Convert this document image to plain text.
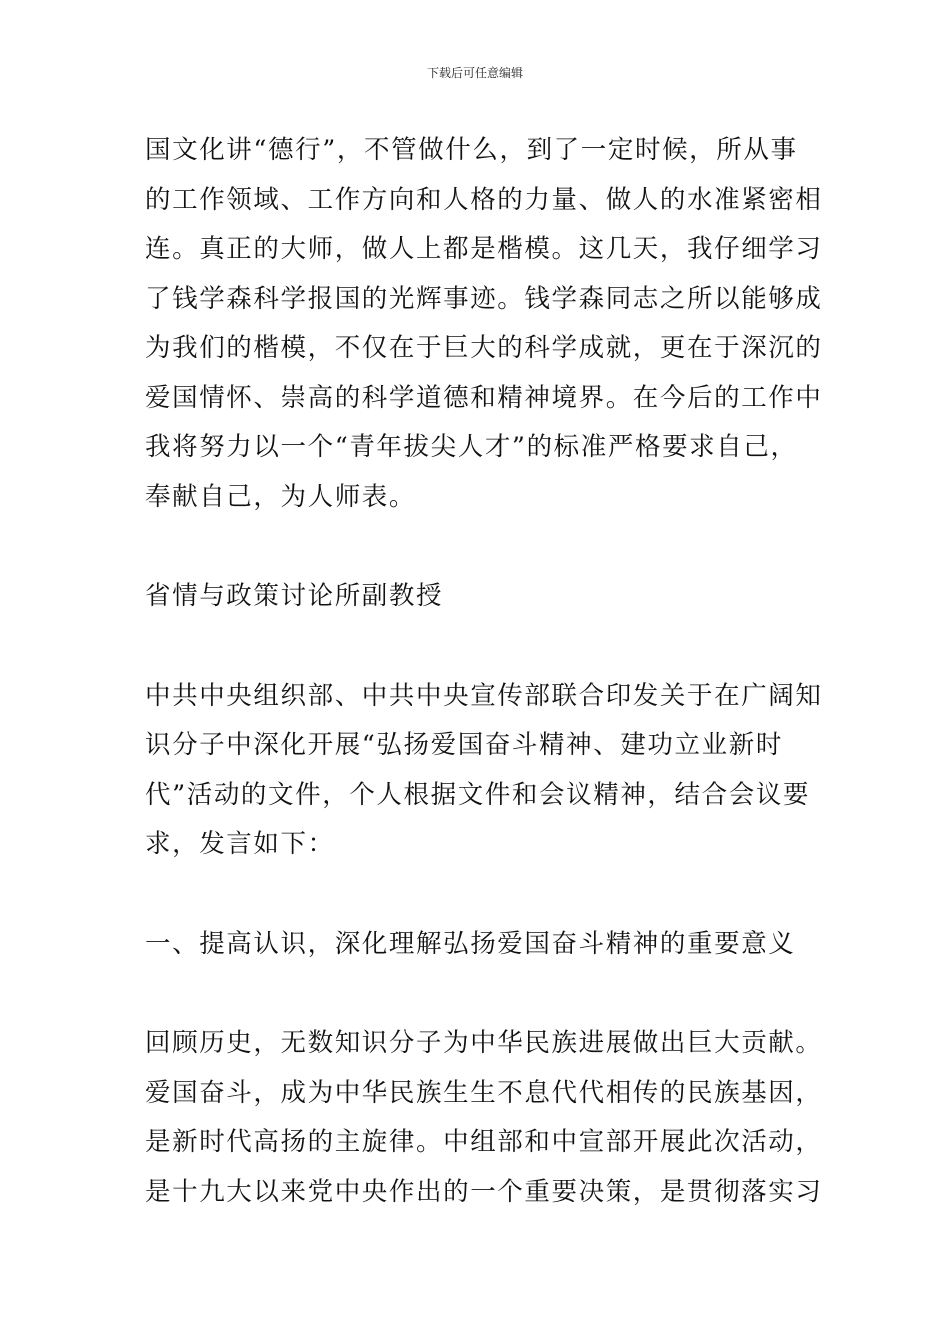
下载后可任意编辑
国文化讲“德行”，不管做什么，到了一定时候，所从事
的工作领域、工作方向和人格的力量、做人的水准紧密相
连。真正的大师，做人上都是楷模。这几天，我仔细学习
了钱学森科学报国的光辉事迹。钱学森同志之所以能够成
为我们的楷模，不仅在于巨大的科学成就，更在于深沉的
爱国情怀、崇高的科学道德和精神境界。在今后的工作中
我将努力以一个“青年拔尖人才”的标准严格要求自己，
奉献自己，为人师表。
省情与政策讨论所副教授
中共中央组织部、中共中央宣传部联合印发关于在广阔知
识分子中深化开展“弘扬爱国奋斗精神、建功立业新时
代”活动的文件，个人根据文件和会议精神，结合会议要
求，发言如下：
一、提高认识，深化理解弘扬爱国奋斗精神的重要意义
回顾历史，无数知识分子为中华民族进展做出巨大贡献。
爱国奋斗，成为中华民族生生不息代代相传的民族基因，
是新时代高扬的主旋律。中组部和中宣部开展此次活动，
是十九大以来党中央作出的一个重要决策，是贯彻落实习
